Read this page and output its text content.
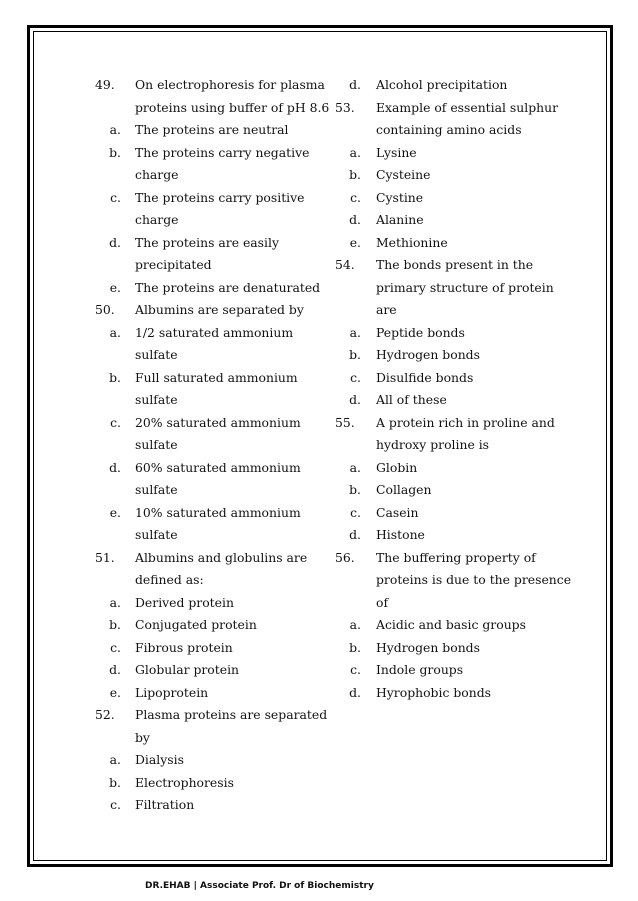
49. On electrophoresis for plasma
proteins using buffer of pH 8.6
a. The proteins are neutral
b. The proteins carry negative
charge
c. The proteins carry positive
charge
d. The proteins are easily
precipitated
e. The proteins are denaturated
50. Albumins are separated by
a. 1/2 saturated ammonium
sulfate
b. Full saturated ammonium
sulfate
c. 20% saturated ammonium
sulfate
d. 60% saturated ammonium
sulfate
e. 10% saturated ammonium
sulfate
51. Albumins and globulins are
defined as:
a. Derived protein
b. Conjugated protein
c. Fibrous protein
d. Globular protein
e. Lipoprotein
52. Plasma proteins are separated
by
a. Dialysis
b. Electrophoresis
c. Filtration
d. Alcohol precipitation
53. Example of essential sulphur
containing amino acids
a. Lysine
b. Cysteine
c. Cystine
d. Alanine
e. Methionine
54. The bonds present in the
primary structure of protein
are
a. Peptide bonds
b. Hydrogen bonds
c. Disulfide bonds
d. All of these
55. A protein rich in proline and
hydroxy proline is
a. Globin
b. Collagen
c. Casein
d. Histone
56. The buffering property of
proteins is due to the presence
of
a. Acidic and basic groups
b. Hydrogen bonds
c. Indole groups
d. Hyrophobic bonds
DR.EHAB | Associate Prof. Dr of Biochemistry
